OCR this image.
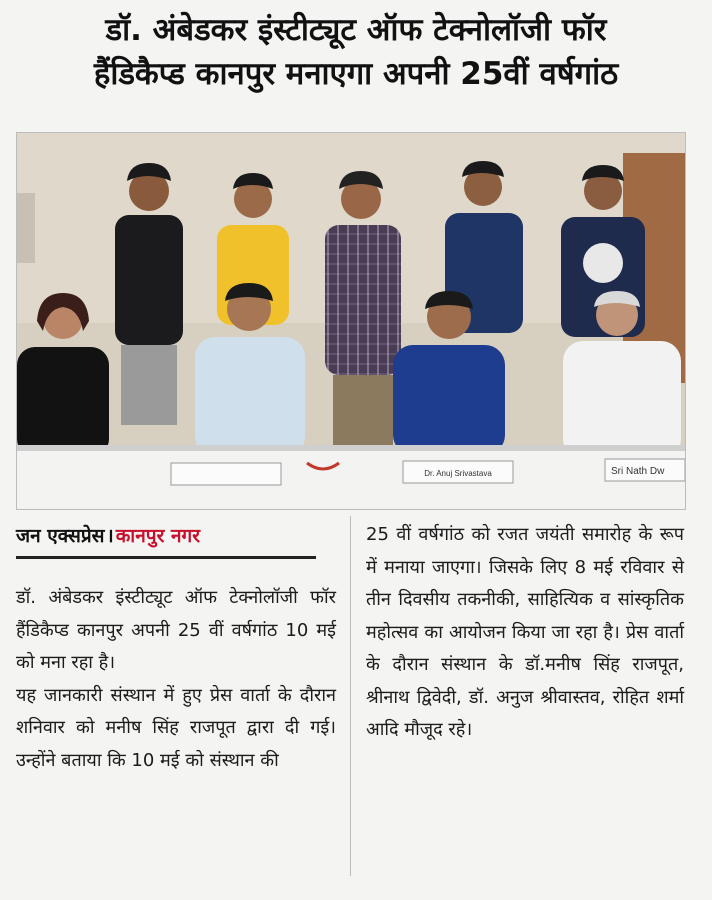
डॉ. अंबेडकर इंस्टीट्यूट ऑफ टेक्नोलॉजी फॉर
हैंडिकैप्ड कानपुर मनाएगा अपनी 25वीं वर्षगांठ
Dr. Anuj Srivastava	Sri Nath Dw
जन एक्सप्रेस । कानपुर नगर

डॉ. अंबेडकर इंस्टीट्यूट ऑफ टेक्नोलॉजी फॉर हैंडिकैप्ड कानपुर अपनी 25 वीं वर्षगांठ 10 मई को मना रहा है।

यह जानकारी संस्थान में हुए प्रेस वार्ता के दौरान शनिवार को मनीष सिंह राजपूत द्वारा दी गई। उन्होंने बताया कि 10 मई को संस्थान की

25 वीं वर्षगांठ को रजत जयंती समारोह के रूप में मनाया जाएगा। जिसके लिए 8 मई रविवार से तीन दिवसीय तकनीकी, साहित्यिक व सांस्कृतिक महोत्सव का आयोजन किया जा रहा है। प्रेस वार्ता के दौरान संस्थान के डॉ.मनीष सिंह राजपूत, श्रीनाथ द्विवेदी, डॉ. अनुज श्रीवास्तव, रोहित शर्मा आदि मौजूद रहे।
